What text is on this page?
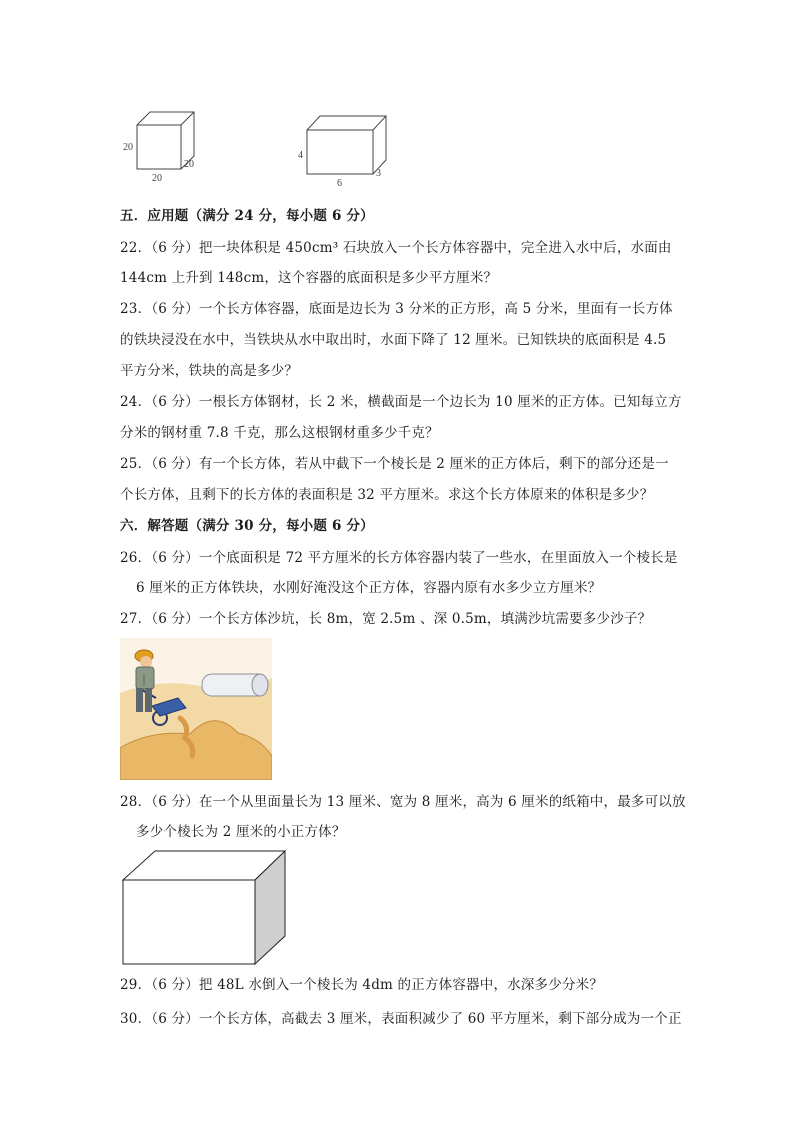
20
20
20
4
3
6
五．应用题（满分 24 分，每小题 6 分）
22．（6 分）把一块体积是 450cm³ 石块放入一个长方体容器中，完全进入水中后，水面由
144cm 上升到 148cm，这个容器的底面积是多少平方厘米？
23．（6 分）一个长方体容器，底面是边长为 3 分米的正方形，高 5 分米，里面有一长方体
的铁块浸没在水中，当铁块从水中取出时，水面下降了 12 厘米。已知铁块的底面积是 4.5
平方分米，铁块的高是多少？
24．（6 分）一根长方体钢材，长 2 米，横截面是一个边长为 10 厘米的正方体。已知每立方
分米的钢材重 7.8 千克，那么这根钢材重多少千克？
25．（6 分）有一个长方体，若从中截下一个棱长是 2 厘米的正方体后，剩下的部分还是一
个长方体，且剩下的长方体的表面积是 32 平方厘米。求这个长方体原来的体积是多少？
六．解答题（满分 30 分，每小题 6 分）
26．（6 分）一个底面积是 72 平方厘米的长方体容器内装了一些水，在里面放入一个棱长是
6 厘米的正方体铁块，水刚好淹没这个正方体，容器内原有水多少立方厘米？
27．（6 分）一个长方体沙坑，长 8m，宽 2.5m 、深 0.5m，填满沙坑需要多少沙子？
28．（6 分）在一个从里面量长为 13 厘米、宽为 8 厘米，高为 6 厘米的纸箱中，最多可以放
多少个棱长为 2 厘米的小正方体？
29．（6 分）把 48L 水倒入一个棱长为 4dm 的正方体容器中，水深多少分米？
30．（6 分）一个长方体，高截去 3 厘米，表面积减少了 60 平方厘米，剩下部分成为一个正
